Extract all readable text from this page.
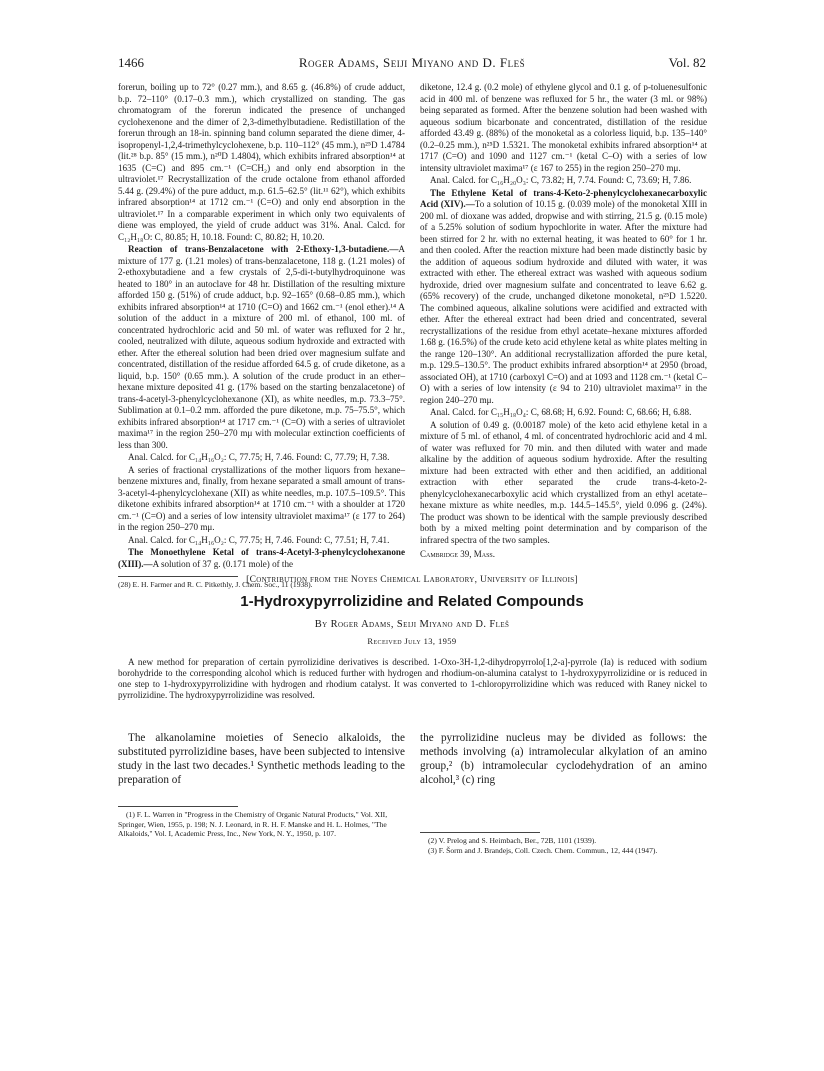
1466	Roger Adams, Seiji Miyano and D. Fleš	Vol. 82

forerun, boiling up to 72° (0.27 mm.), and 8.65 g. (46.8%) of crude adduct, b.p. 72–110° (0.17–0.3 mm.), which crystallized on standing. The gas chromatogram of the forerun indicated the presence of unchanged cyclohexenone and the dimer of 2,3-dimethylbutadiene. Redistillation of the forerun through an 18-in. spinning band column separated the diene dimer, 4-isopropenyl-1,2,4-trimethylcyclohexene, b.p. 110–112° (45 mm.), n²⁵D 1.4784 (lit.²⁸ b.p. 85° (15 mm.), n²⁰D 1.4804), which exhibits infrared absorption¹⁴ at 1635 (C=C) and 895 cm.⁻¹ (C=CH₂) and only end absorption in the ultraviolet.¹⁷ Recrystallization of the crude octalone from ethanol afforded 5.44 g. (29.4%) of the pure adduct, m.p. 61.5–62.5° (lit.¹¹ 62°), which exhibits infrared absorption¹⁴ at 1712 cm.⁻¹ (C=O) and only end absorption in the ultraviolet.¹⁷ In a comparable experiment in which only two equivalents of diene was employed, the yield of crude adduct was 31%. Anal. Calcd. for C₁₂H₁₈O: C, 80.85; H, 10.18. Found: C, 80.82; H, 10.20.

Reaction of trans-Benzalacetone with 2-Ethoxy-1,3-butadiene.—A mixture of 177 g. (1.21 moles) of trans-benzalacetone, 118 g. (1.21 moles) of 2-ethoxybutadiene and a few crystals of 2,5-di-t-butylhydroquinone was heated to 180° in an autoclave for 48 hr. Distillation of the resulting mixture afforded 150 g. (51%) of crude adduct, b.p. 92–165° (0.68–0.85 mm.), which exhibits infrared absorption¹⁴ at 1710 (C=O) and 1662 cm.⁻¹ (enol ether).¹⁴ A solution of the adduct in a mixture of 200 ml. of ethanol, 100 ml. of concentrated hydrochloric acid and 50 ml. of water was refluxed for 2 hr., cooled, neutralized with dilute, aqueous sodium hydroxide and extracted with ether. After the ethereal solution had been dried over magnesium sulfate and concentrated, distillation of the residue afforded 64.5 g. of crude diketone, as a liquid, b.p. 150° (0.65 mm.). A solution of the crude product in an ether–hexane mixture deposited 41 g. (17% based on the starting benzalacetone) of trans-4-acetyl-3-phenylcyclohexanone (XI), as white needles, m.p. 73.3–75°. Sublimation at 0.1–0.2 mm. afforded the pure diketone, m.p. 75–75.5°, which exhibits infrared absorption¹⁴ at 1717 cm.⁻¹ (C=O) with a series of ultraviolet maxima¹⁷ in the region 250–270 mμ with molecular extinction coefficients of less than 300.

Anal. Calcd. for C₁₄H₁₆O₂: C, 77.75; H, 7.46. Found: C, 77.79; H, 7.38.

A series of fractional crystallizations of the mother liquors from hexane–benzene mixtures and, finally, from hexane separated a small amount of trans-3-acetyl-4-phenylcyclohexane (XII) as white needles, m.p. 107.5–109.5°. This diketone exhibits infrared absorption¹⁴ at 1710 cm.⁻¹ with a shoulder at 1720 cm.⁻¹ (C=O) and a series of low intensity ultraviolet maxima¹⁷ (ε 177 to 264) in the region 250–270 mμ.

Anal. Calcd. for C₁₄H₁₆O₂: C, 77.75; H, 7.46. Found: C, 77.51; H, 7.41.

The Monoethylene Ketal of trans-4-Acetyl-3-phenylcyclohexanone (XIII).—A solution of 37 g. (0.171 mole) of the

(28) E. H. Farmer and R. C. Pitkethly, J. Chem. Soc., 11 (1938).

diketone, 12.4 g. (0.2 mole) of ethylene glycol and 0.1 g. of p-toluenesulfonic acid in 400 ml. of benzene was refluxed for 5 hr., the water (3 ml. or 98%) being separated as formed. After the benzene solution had been washed with aqueous sodium bicarbonate and concentrated, distillation of the residue afforded 43.49 g. (88%) of the monoketal as a colorless liquid, b.p. 135–140° (0.2–0.25 mm.), n²⁵D 1.5321. The monoketal exhibits infrared absorption¹⁴ at 1717 (C=O) and 1090 and 1127 cm.⁻¹ (ketal C–O) with a series of low intensity ultraviolet maxima¹⁷ (ε 167 to 255) in the region 250–270 mμ.

Anal. Calcd. for C₁₆H₂₀O₃: C, 73.82; H, 7.74. Found: C, 73.69; H, 7.86.

The Ethylene Ketal of trans-4-Keto-2-phenylcyclohexanecarboxylic Acid (XIV).—To a solution of 10.15 g. (0.039 mole) of the monoketal XIII in 200 ml. of dioxane was added, dropwise and with stirring, 21.5 g. (0.15 mole) of a 5.25% solution of sodium hypochlorite in water. After the mixture had been stirred for 2 hr. with no external heating, it was heated to 60° for 1 hr. and then cooled. After the reaction mixture had been made distinctly basic by the addition of aqueous sodium hydroxide and diluted with water, it was extracted with ether. The ethereal extract was washed with aqueous sodium hydroxide, dried over magnesium sulfate and concentrated to leave 6.62 g. (65% recovery) of the crude, unchanged diketone monoketal, n²⁵D 1.5220. The combined aqueous, alkaline solutions were acidified and extracted with ether. After the ethereal extract had been dried and concentrated, several recrystallizations of the residue from ethyl acetate–hexane mixtures afforded 1.68 g. (16.5%) of the crude keto acid ethylene ketal as white plates melting in the range 120–130°. An additional recrystallization afforded the pure ketal, m.p. 129.5–130.5°. The product exhibits infrared absorption¹⁴ at 2950 (broad, associated OH), at 1710 (carboxyl C=O) and at 1093 and 1128 cm.⁻¹ (ketal C–O) with a series of low intensity (ε 94 to 210) ultraviolet maxima¹⁷ in the region 240–270 mμ.

Anal. Calcd. for C₁₅H₁₈O₄: C, 68.68; H, 6.92. Found: C, 68.66; H, 6.88.

A solution of 0.49 g. (0.00187 mole) of the keto acid ethylene ketal in a mixture of 5 ml. of ethanol, 4 ml. of concentrated hydrochloric acid and 4 ml. of water was refluxed for 70 min. and then diluted with water and made alkaline by the addition of aqueous sodium hydroxide. After the resulting mixture had been extracted with ether and then acidified, an additional extraction with ether separated the crude trans-4-keto-2-phenylcyclohexanecarboxylic acid which crystallized from an ethyl acetate–hexane mixture as white needles, m.p. 144.5–145.5°, yield 0.096 g. (24%). The product was shown to be identical with the sample previously described both by a mixed melting point determination and by comparison of the infrared spectra of the two samples.

Cambridge 39, Mass.
[Contribution from the Noyes Chemical Laboratory, University of Illinois]
1-Hydroxypyrrolizidine and Related Compounds
By Roger Adams, Seiji Miyano and D. Fleš
Received July 13, 1959
A new method for preparation of certain pyrrolizidine derivatives is described. 1-Oxo-3H-1,2-dihydropyrrolo[1,2-a]-pyrrole (Ia) is reduced with sodium borohydride to the corresponding alcohol which is reduced further with hydrogen and rhodium-on-alumina catalyst to 1-hydroxypyrrolizidine or is reduced in one step to 1-hydroxypyrrolizidine with hydrogen and rhodium catalyst. It was converted to 1-chloropyrrolizidine which was reduced with Raney nickel to pyrrolizidine. The hydroxypyrrolizidine was resolved.
The alkanolamine moieties of Senecio alkaloids, the substituted pyrrolizidine bases, have been subjected to intensive study in the last two decades.¹ Synthetic methods leading to the preparation of
the pyrrolizidine nucleus may be divided as follows: the methods involving (a) intramolecular alkylation of an amino group,² (b) intramolecular cyclodehydration of an amino alcohol,³ (c) ring

(1) F. L. Warren in "Progress in the Chemistry of Organic Natural Products," Vol. XII, Springer, Wien, 1955, p. 198; N. J. Leonard, in R. H. F. Manske and H. L. Holmes, "The Alkaloids," Vol. I, Academic Press, Inc., New York, N. Y., 1950, p. 107.

(2) V. Prelog and S. Heimbach, Ber., 72B, 1101 (1939).

(3) F. Šorm and J. Brandejs, Coll. Czech. Chem. Commun., 12, 444 (1947).
